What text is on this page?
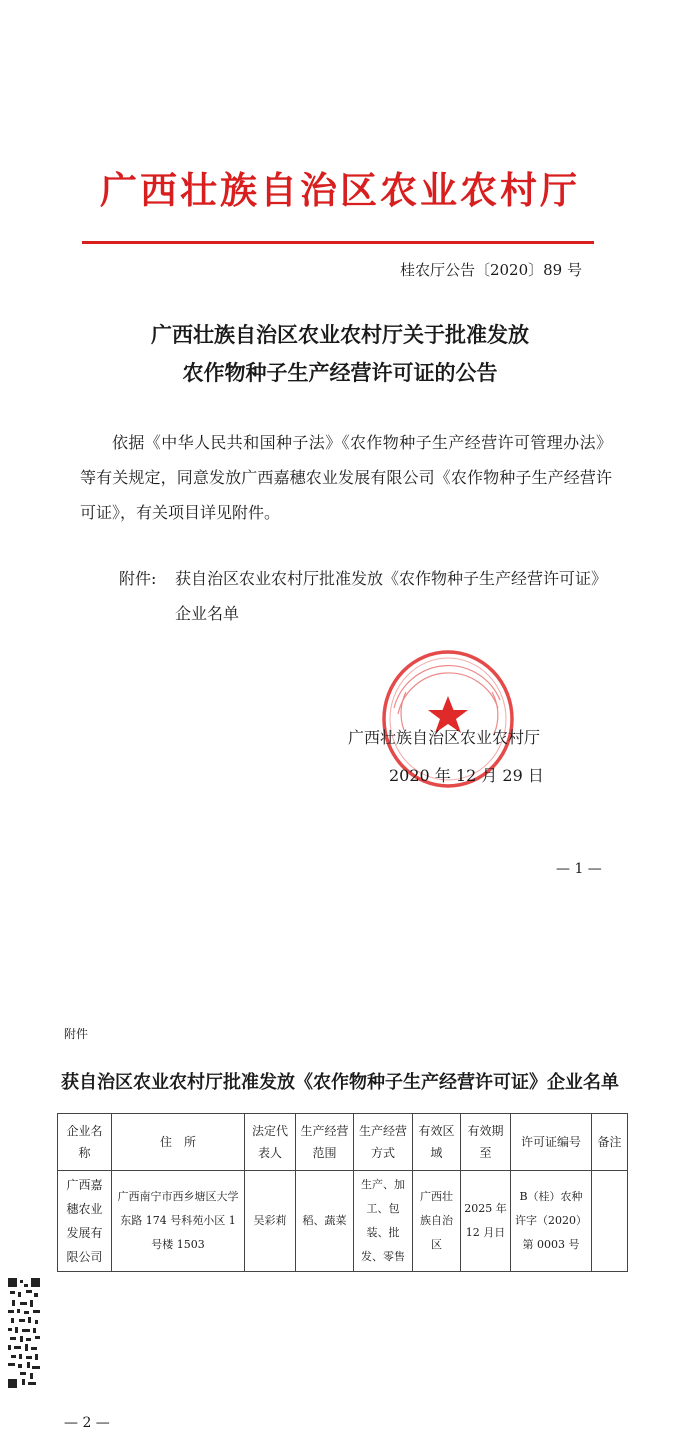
广西壮族自治区农业农村厅
桂农厅公告〔2020〕89 号
广西壮族自治区农业农村厅关于批准发放
农作物种子生产经营许可证的公告
依据《中华人民共和国种子法》《农作物种子生产经营许可管理办法》等有关规定，同意发放广西嘉穗农业发展有限公司《农作物种子生产经营许可证》，有关项目详见附件。
附件: 获自治区农业农村厅批准发放《农作物种子生产经营许可证》企业名单
广西壮族自治区农业农村厅
2020 年 12 月 29 日
— 1 —
附件
获自治区农业农村厅批准发放《农作物种子生产经营许可证》企业名单
企业名称	住　所	法定代表人	生产经营范围	生产经营方式	有效区域	有效期至	许可证编号	备注
广西嘉穗农业发展有限公司	广西南宁市西乡塘区大学东路 174 号科苑小区 1 号楼 1503	吴彩莉	稻、蔬菜	生产、加工、包装、批发、零售	广西壮族自治区	2025 年 12 月日	B（桂）农种许字（2020）第 0003 号	
— 2 —
